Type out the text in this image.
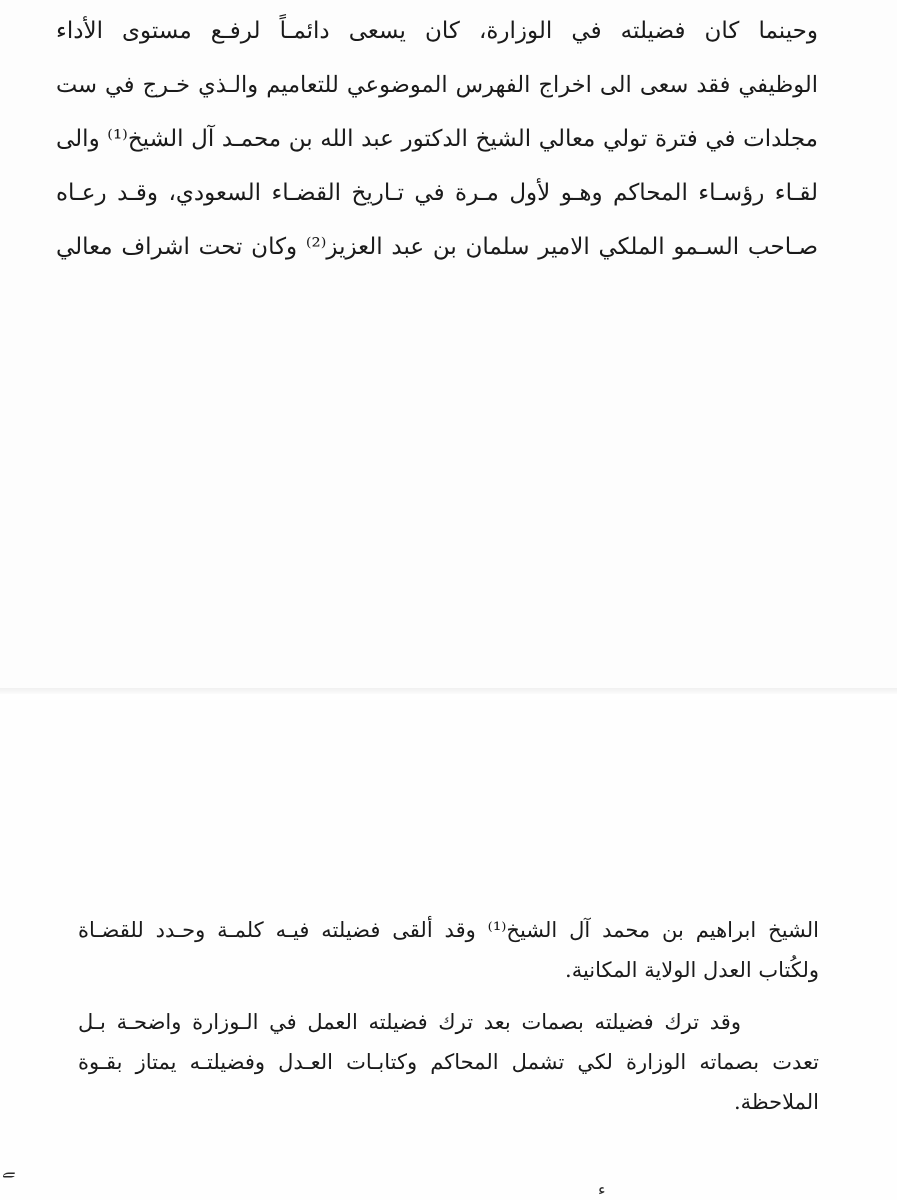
وحينما كان فضيلته في الوزارة، كان يسعى دائمـاً لرفـع مستوى الأداء

الوظيفي فقد سعى الى اخراج الفهرس الموضوعي للتعاميم والـذي خـرج في ست

مجلدات في فترة تولي معالي الشيخ الدكتور عبد الله بن محمـد آل الشيخ⁽¹⁾ والى

لقـاء رؤسـاء المحاكم وهـو لأول مـرة في تـاريخ القضـاء السعودي، وقـد رعـاه

صـاحب السـمو الملكي الامير سلمان بن عبد العزيز⁽²⁾ وكان تحت اشراف معالي

الشيخ ابراهيم بن محمد آل الشيخ⁽¹⁾ وقد ألقى فضيلته فيـه كلمـة وحـدد للقضـاة

ولكُتاب العدل الولاية المكانية.

وقد ترك فضيلته بصمات بعد ترك فضيلته العمل في الـوزارة واضحـة بـل

تعدت بصماته الوزارة لكي تشمل المحاكم وكتابـات العـدل وفضيلتـه يمتاز بقـوة

الملاحظة.

ﮯ
ء
